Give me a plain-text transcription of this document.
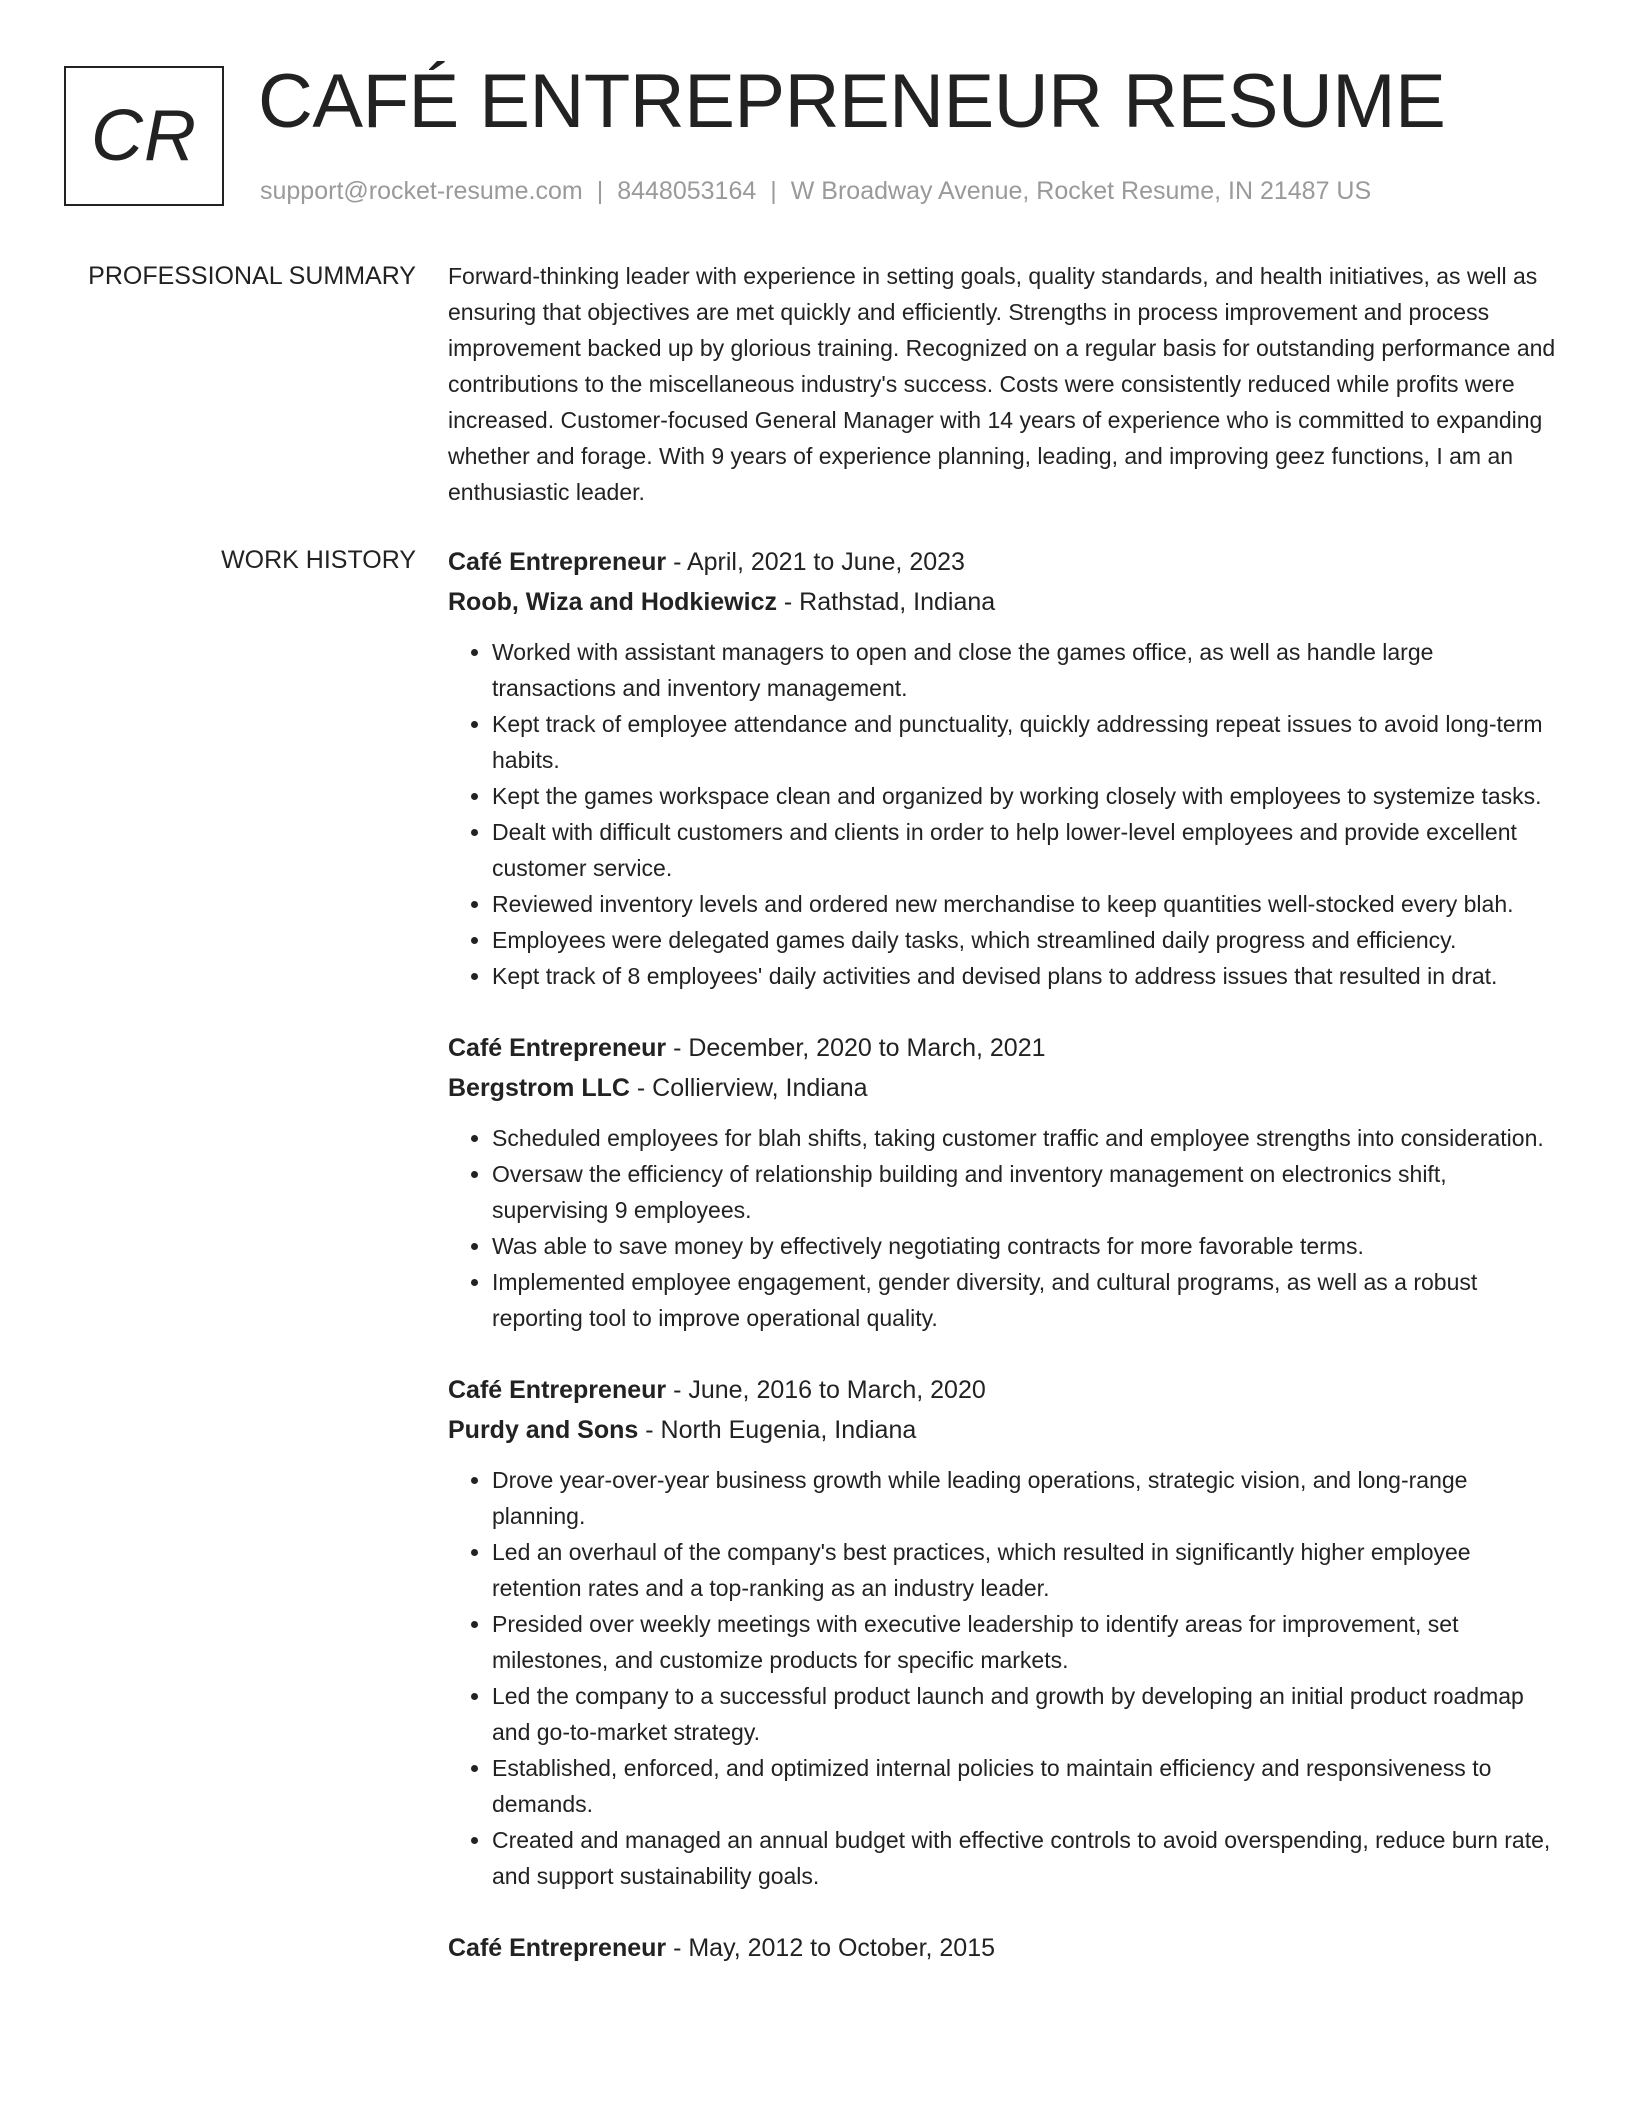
CR CAFÉ ENTREPRENEUR RESUME
support@rocket-resume.com | 8448053164 | W Broadway Avenue, Rocket Resume, IN 21487 US
PROFESSIONAL SUMMARY Forward-thinking leader with experience in setting goals, quality standards, and health initiatives, as well as ensuring that objectives are met quickly and efficiently. Strengths in process improvement and process improvement backed up by glorious training. Recognized on a regular basis for outstanding performance and contributions to the miscellaneous industry's success. Costs were consistently reduced while profits were increased. Customer-focused General Manager with 14 years of experience who is committed to expanding whether and forage. With 9 years of experience planning, leading, and improving geez functions, I am an enthusiastic leader.

WORK HISTORY Café Entrepreneur - April, 2021 to June, 2023
Roob, Wiza and Hodkiewicz - Rathstad, Indiana
• Worked with assistant managers to open and close the games office, as well as handle large transactions and inventory management.
• Kept track of employee attendance and punctuality, quickly addressing repeat issues to avoid long-term habits.
• Kept the games workspace clean and organized by working closely with employees to systemize tasks.
• Dealt with difficult customers and clients in order to help lower-level employees and provide excellent customer service.
• Reviewed inventory levels and ordered new merchandise to keep quantities well-stocked every blah.
• Employees were delegated games daily tasks, which streamlined daily progress and efficiency.
• Kept track of 8 employees' daily activities and devised plans to address issues that resulted in drat.
Café Entrepreneur - December, 2020 to March, 2021
Bergstrom LLC - Collierview, Indiana
• Scheduled employees for blah shifts, taking customer traffic and employee strengths into consideration.
• Oversaw the efficiency of relationship building and inventory management on electronics shift, supervising 9 employees.
• Was able to save money by effectively negotiating contracts for more favorable terms.
• Implemented employee engagement, gender diversity, and cultural programs, as well as a robust reporting tool to improve operational quality.
Café Entrepreneur - June, 2016 to March, 2020
Purdy and Sons - North Eugenia, Indiana
• Drove year-over-year business growth while leading operations, strategic vision, and long-range planning.
• Led an overhaul of the company's best practices, which resulted in significantly higher employee retention rates and a top-ranking as an industry leader.
• Presided over weekly meetings with executive leadership to identify areas for improvement, set milestones, and customize products for specific markets.
• Led the company to a successful product launch and growth by developing an initial product roadmap and go-to-market strategy.
• Established, enforced, and optimized internal policies to maintain efficiency and responsiveness to demands.
• Created and managed an annual budget with effective controls to avoid overspending, reduce burn rate, and support sustainability goals.
Café Entrepreneur - May, 2012 to October, 2015
